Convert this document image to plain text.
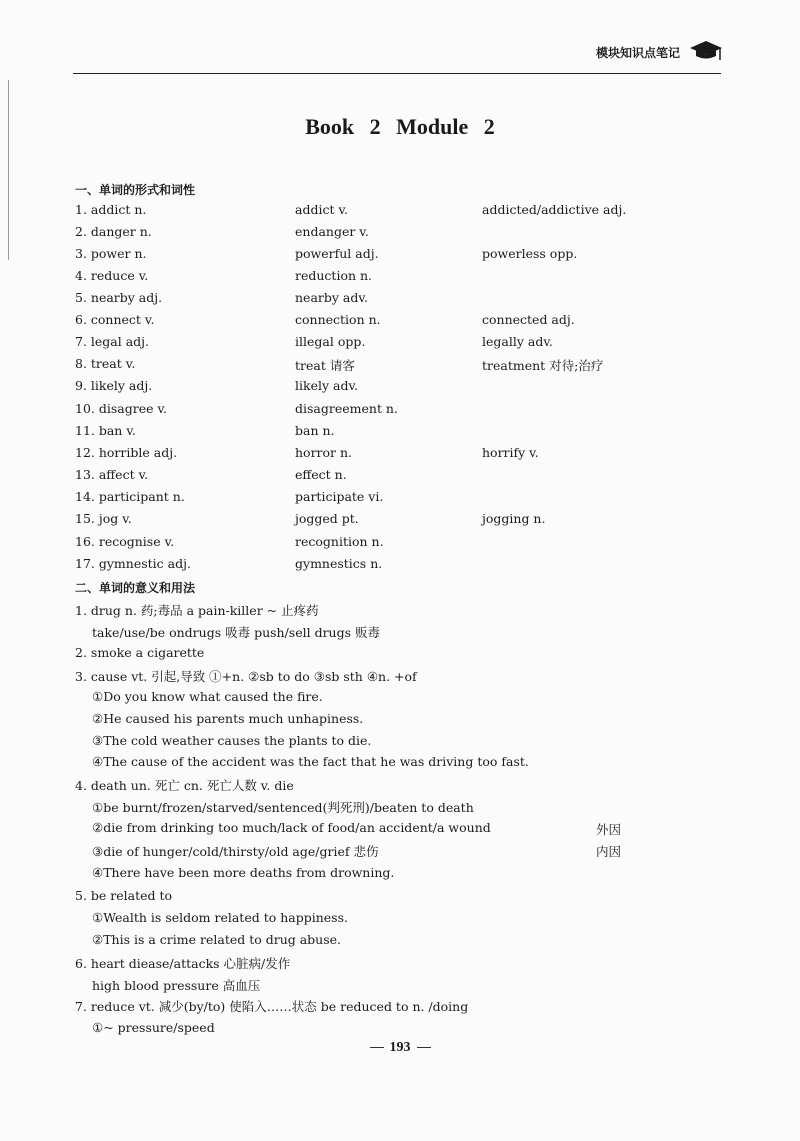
模块知识点笔记
Book 2 Module 2
一、单词的形式和词性
1. addict n.	addict v.	addicted/addictive adj.
2. danger n.	endanger v.
3. power n.	powerful adj.	powerless opp.
4. reduce v.	reduction n.
5. nearby adj.	nearby adv.
6. connect v.	connection n.	connected adj.
7. legal adj.	illegal opp.	legally adv.
8. treat v.	treat 请客	treatment 对待;治疗
9. likely adj.	likely adv.
10. disagree v.	disagreement n.
11. ban v.	ban n.
12. horrible adj.	horror n.	horrify v.
13. affect v.	effect n.
14. participant n.	participate vi.
15. jog v.	jogged pt.	jogging n.
16. recognise v.	recognition n.
17. gymnestic adj.	gymnestics n.
二、单词的意义和用法
1. drug n. 药;毒品 a pain-killer ~ 止疼药
take/use/be ondrugs 吸毒 push/sell drugs 贩毒
2. smoke a cigarette
3. cause vt. 引起,导致 ①+n. ②sb to do ③sb sth ④n. +of
①Do you know what caused the fire.
②He caused his parents much unhapiness.
③The cold weather causes the plants to die.
④The cause of the accident was the fact that he was driving too fast.
4. death un. 死亡 cn. 死亡人数 v. die
①be burnt/frozen/starved/sentenced(判死刑)/beaten to death
②die from drinking too much/lack of food/an accident/a wound
③die of hunger/cold/thirsty/old age/grief 悲伤
④There have been more deaths from drowning.
5. be related to
①Wealth is seldom related to happiness.
②This is a crime related to drug abuse.
6. heart diease/attacks 心脏病/发作
high blood pressure 高血压
7. reduce vt. 减少(by/to) 使陷入……状态 be reduced to n. /doing
①~ pressure/speed
外因
内因
193
